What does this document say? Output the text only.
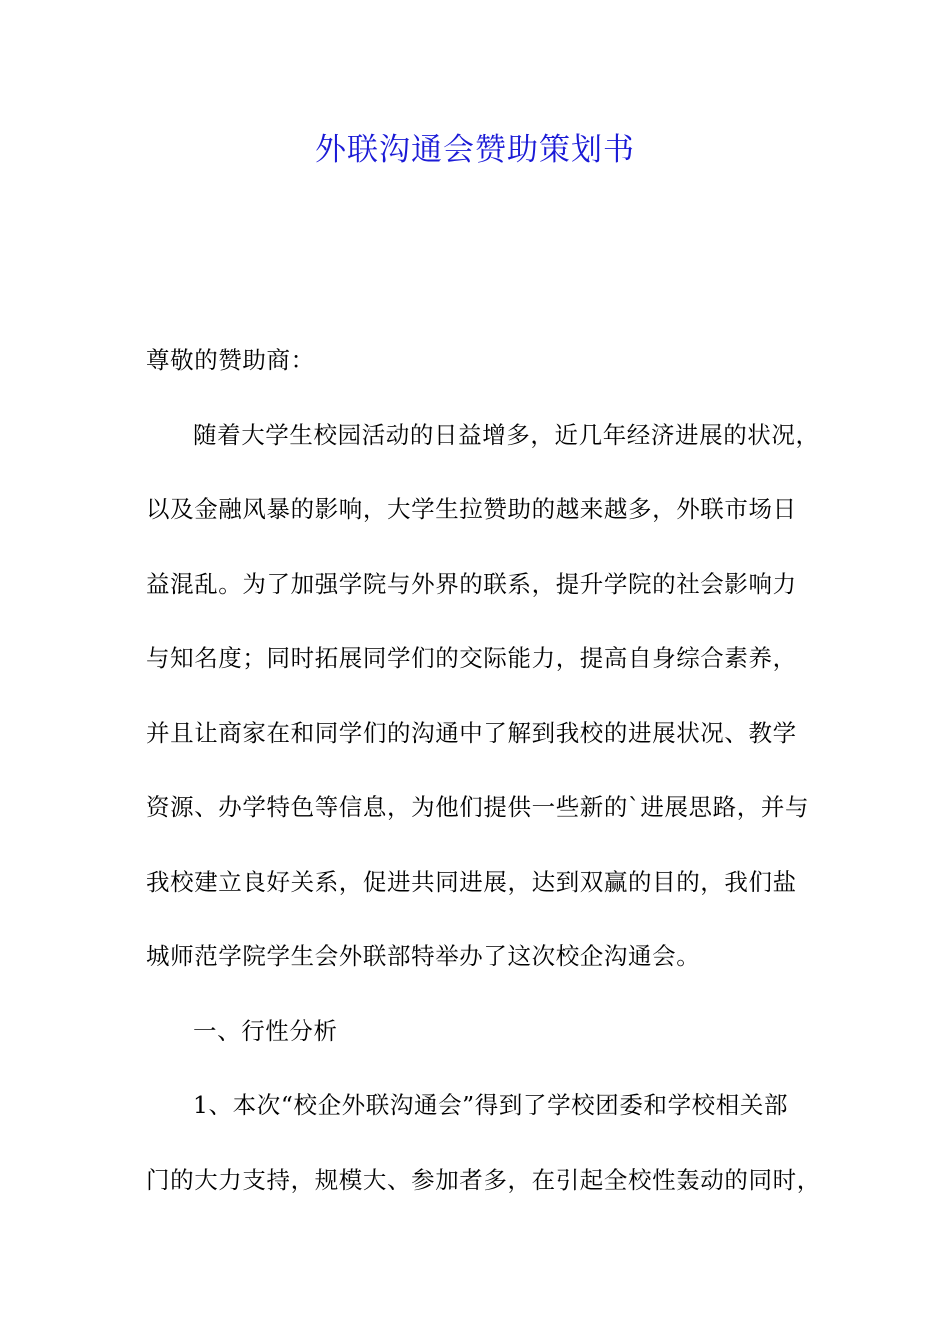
外联沟通会赞助策划书
尊敬的赞助商：
随着大学生校园活动的日益增多，近几年经济进展的状况，
以及金融风暴的影响，大学生拉赞助的越来越多，外联市场日
益混乱。为了加强学院与外界的联系，提升学院的社会影响力
与知名度；同时拓展同学们的交际能力，提高自身综合素养，
并且让商家在和同学们的沟通中了解到我校的进展状况、教学
资源、办学特色等信息，为他们提供一些新的`进展思路，并与
我校建立良好关系，促进共同进展，达到双赢的目的，我们盐
城师范学院学生会外联部特举办了这次校企沟通会。
一、行性分析
1、本次“校企外联沟通会”得到了学校团委和学校相关部
门的大力支持，规模大、参加者多，在引起全校性轰动的同时，
